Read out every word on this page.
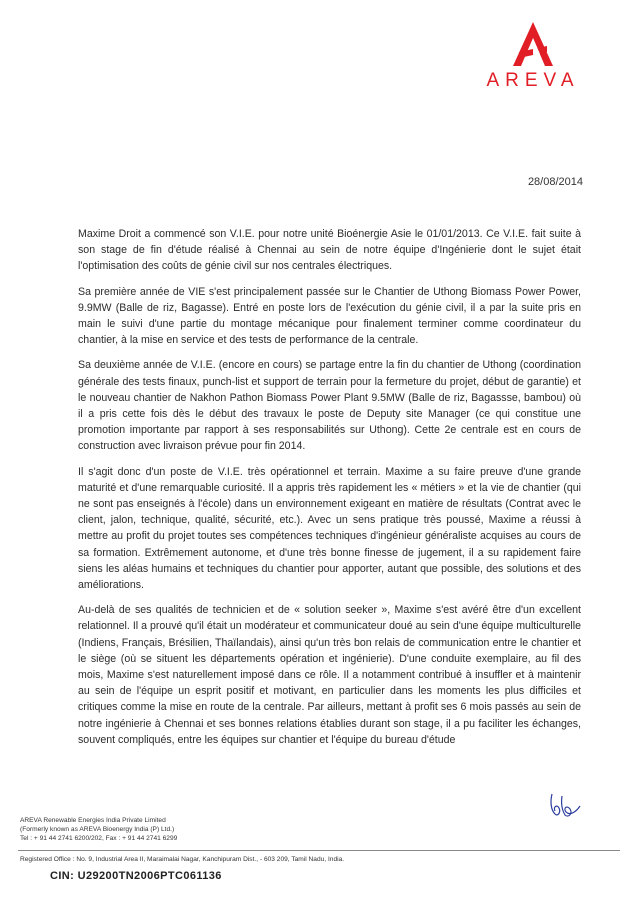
AREVA
28/08/2014

Maxime Droit a commencé son V.I.E. pour notre unité Bioénergie Asie le 01/01/2013. Ce V.I.E. fait suite à son stage de fin d'étude réalisé à Chennai au sein de notre équipe d'Ingénierie dont le sujet était l'optimisation des coûts de génie civil sur nos centrales électriques.

Sa première année de VIE s'est principalement passée sur le Chantier de Uthong Biomass Power Power, 9.9MW (Balle de riz, Bagasse). Entré en poste lors de l'exécution du génie civil, il a par la suite pris en main le suivi d'une partie du montage mécanique pour finalement terminer comme coordinateur du chantier, à la mise en service et des tests de performance de la centrale.

Sa deuxième année de V.I.E. (encore en cours) se partage entre la fin du chantier de Uthong (coordination générale des tests finaux, punch-list et support de terrain pour la fermeture du projet, début de garantie) et le nouveau chantier de Nakhon Pathon Biomass Power Plant 9.5MW (Balle de riz, Bagassse, bambou) où il a pris cette fois dès le début des travaux le poste de Deputy site Manager (ce qui constitue une promotion importante par rapport à ses responsabilités sur Uthong). Cette 2e centrale est en cours de construction avec livraison prévue pour fin 2014.

Il s'agit donc d'un poste de V.I.E. très opérationnel et terrain. Maxime a su faire preuve d'une grande maturité et d'une remarquable curiosité. Il a appris très rapidement les « métiers » et la vie de chantier (qui ne sont pas enseignés à l'école) dans un environnement exigeant en matière de résultats (Contrat avec le client, jalon, technique, qualité, sécurité, etc.). Avec un sens pratique très poussé, Maxime a réussi à mettre au profit du projet toutes ses compétences techniques d'ingénieur généraliste acquises au cours de sa formation. Extrêmement autonome, et d'une très bonne finesse de jugement, il a su rapidement faire siens les aléas humains et techniques du chantier pour apporter, autant que possible, des solutions et des améliorations.

Au-delà de ses qualités de technicien et de « solution seeker », Maxime s'est avéré être d'un excellent relationnel. Il a prouvé qu'il était un modérateur et communicateur doué au sein d'une équipe multiculturelle (Indiens, Français, Brésilien, Thaïlandais), ainsi qu'un très bon relais de communication entre le chantier et le siège (où se situent les départements opération et ingénierie). D'une conduite exemplaire, au fil des mois, Maxime s'est naturellement imposé dans ce rôle. Il a notamment contribué à insuffler et à maintenir au sein de l'équipe un esprit positif et motivant, en particulier dans les moments les plus difficiles et critiques comme la mise en route de la centrale. Par ailleurs, mettant à profit ses 6 mois passés au sein de notre ingénierie à Chennai et ses bonnes relations établies durant son stage, il a pu faciliter les échanges, souvent compliqués, entre les équipes sur chantier et l'équipe du bureau d'étude

AREVA Renewable Energies India Private Limited
(Formerly known as AREVA Bioenergy India (P) Ltd.)
Tel : + 91 44 2741 6200/202, Fax : + 91 44 2741 6299
Registered Office : No. 9, Industrial Area II, Maraimalai Nagar, Kanchipuram Dist., - 603 209, Tamil Nadu, India.
CIN: U29200TN2006PTC061136
